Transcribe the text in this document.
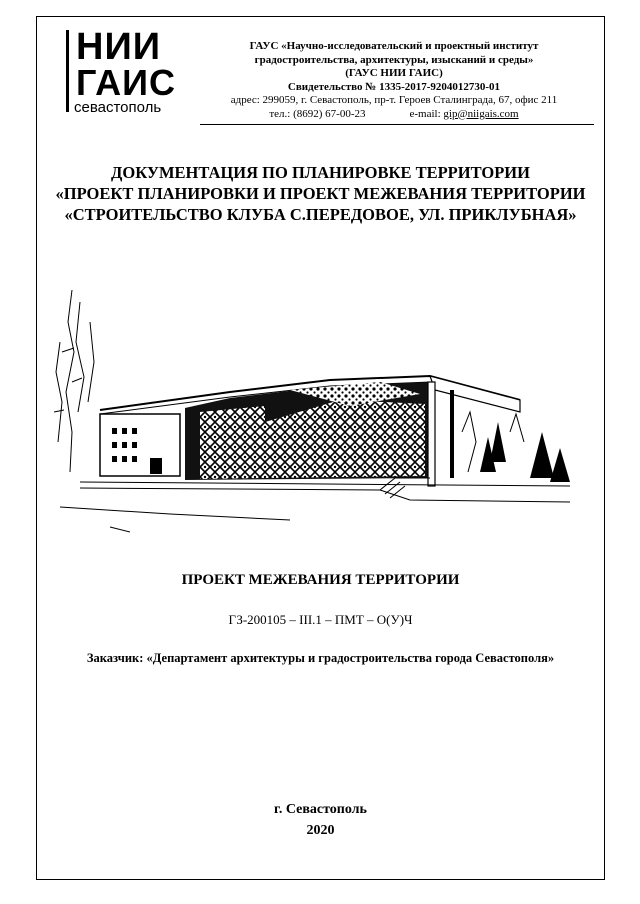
НИИ
ГАИС
севастополь
ГАУС «Научно-исследовательский и проектный институт
градостроительства, архитектуры, изысканий и среды»
(ГАУС НИИ ГАИС)
Свидетельство № 1335-2017-9204012730-01
адрес: 299059, г. Севастополь, пр-т. Героев Сталинграда, 67, офис 211
тел.: (8692) 67-00-23	e-mail: gip@niigais.com
ДОКУМЕНТАЦИЯ ПО ПЛАНИРОВКЕ ТЕРРИТОРИИ
«ПРОЕКТ ПЛАНИРОВКИ И ПРОЕКТ МЕЖЕВАНИЯ ТЕРРИТОРИИ
«СТРОИТЕЛЬСТВО КЛУБА С.ПЕРЕДОВОЕ, УЛ. ПРИКЛУБНАЯ»
ПРОЕКТ МЕЖЕВАНИЯ ТЕРРИТОРИИ
ГЗ-200105 – III.1 – ПМТ – О(У)Ч
Заказчик: «Департамент архитектуры и градостроительства города Севастополя»
г. Севастополь
2020
